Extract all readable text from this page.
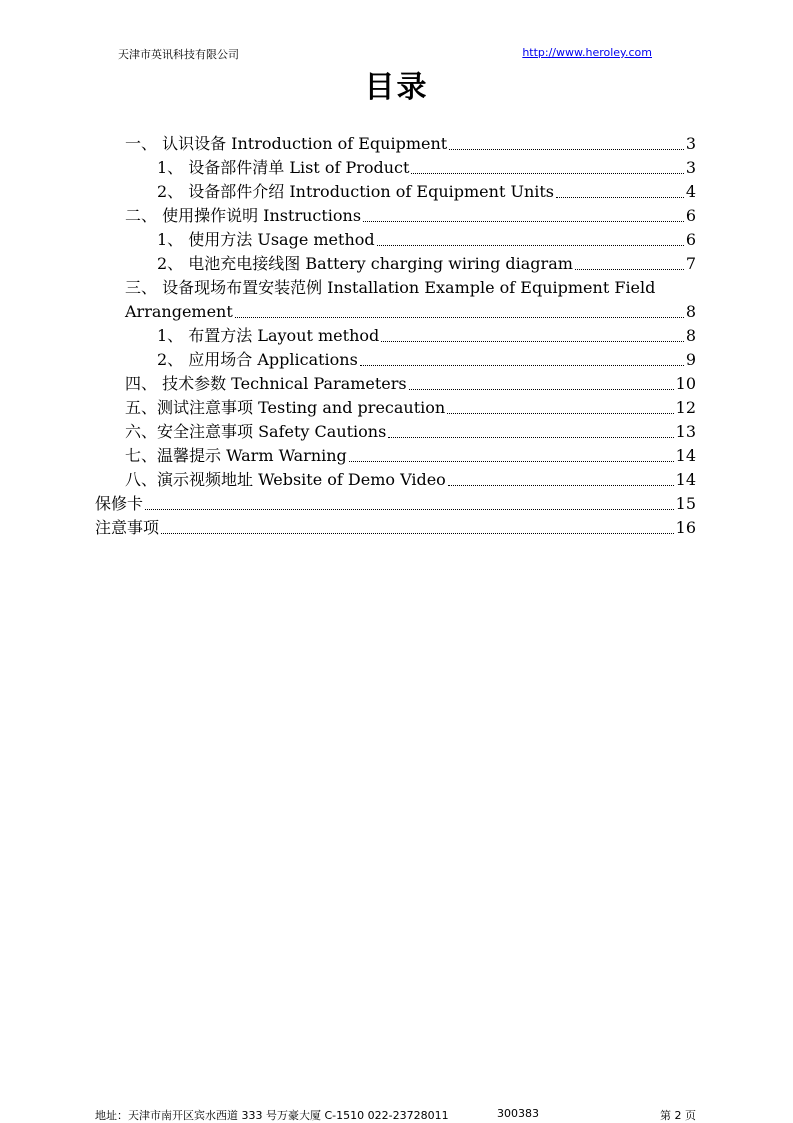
天津市英讯科技有限公司	http://www.heroley.com
目录
一、 认识设备 Introduction of Equipment	3
1、 设备部件清单 List of Product	3
2、 设备部件介绍 Introduction of Equipment Units	4
二、 使用操作说明 Instructions	6
1、 使用方法 Usage method	6
2、 电池充电接线图 Battery charging wiring diagram	7
三、 设备现场布置安装范例 Installation Example of Equipment Field
Arrangement	8
1、 布置方法 Layout method	8
2、 应用场合 Applications	9
四、 技术参数 Technical Parameters	10
五、测试注意事项 Testing and precaution	12
六、安全注意事项 Safety Cautions	13
七、温馨提示 Warm Warning	14
八、演示视频地址 Website of Demo Video	14
保修卡	15
注意事项	16
地址：天津市南开区宾水西道 333 号万豪大厦 C-1510 022-23728011	300383	第 2 页
